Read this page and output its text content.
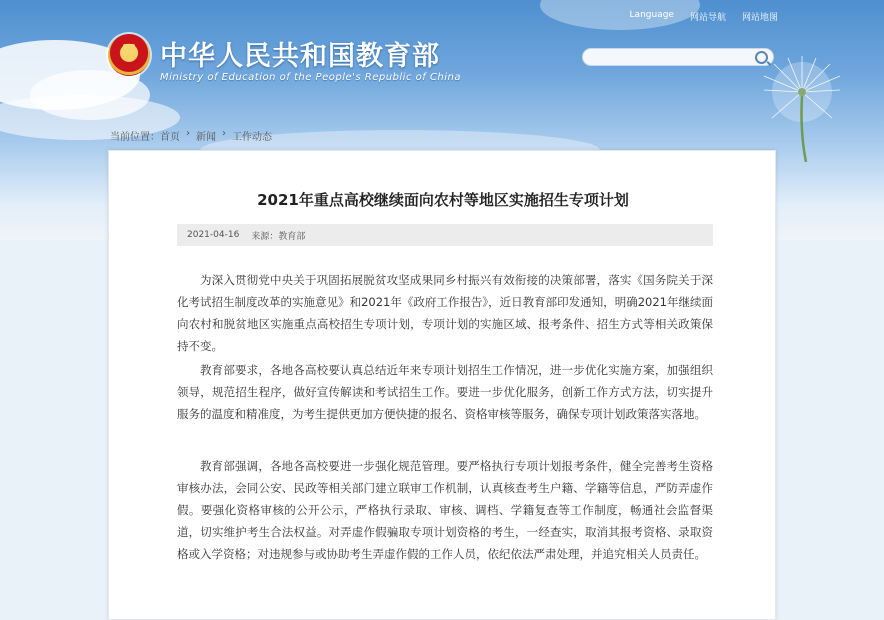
Language 网站导航 网站地图
中华人民共和国教育部
Ministry of Education of the People's Republic of China
当前位置：首页 › 新闻 › 工作动态
2021年重点高校继续面向农村等地区实施招生专项计划
2021-04-16 来源：教育部

为深入贯彻党中央关于巩固拓展脱贫攻坚成果同乡村振兴有效衔接的决策部署，落实《国务院关于深化考试招生制度改革的实施意见》和2021年《政府工作报告》，近日教育部印发通知，明确2021年继续面向农村和脱贫地区实施重点高校招生专项计划，专项计划的实施区域、报考条件、招生方式等相关政策保持不变。

教育部要求，各地各高校要认真总结近年来专项计划招生工作情况，进一步优化实施方案，加强组织领导，规范招生程序，做好宣传解读和考试招生工作。要进一步优化服务，创新工作方式方法，切实提升服务的温度和精准度，为考生提供更加方便快捷的报名、资格审核等服务，确保专项计划政策落实落地。

教育部强调，各地各高校要进一步强化规范管理。要严格执行专项计划报考条件，健全完善考生资格审核办法，会同公安、民政等相关部门建立联审工作机制，认真核查考生户籍、学籍等信息，严防弄虚作假。要强化资格审核的公开公示，严格执行录取、审核、调档、学籍复查等工作制度，畅通社会监督渠道，切实维护考生合法权益。对弄虚作假骗取专项计划资格的考生，一经查实，取消其报考资格、录取资格或入学资格；对违规参与或协助考生弄虚作假的工作人员，依纪依法严肃处理，并追究相关人员责任。
